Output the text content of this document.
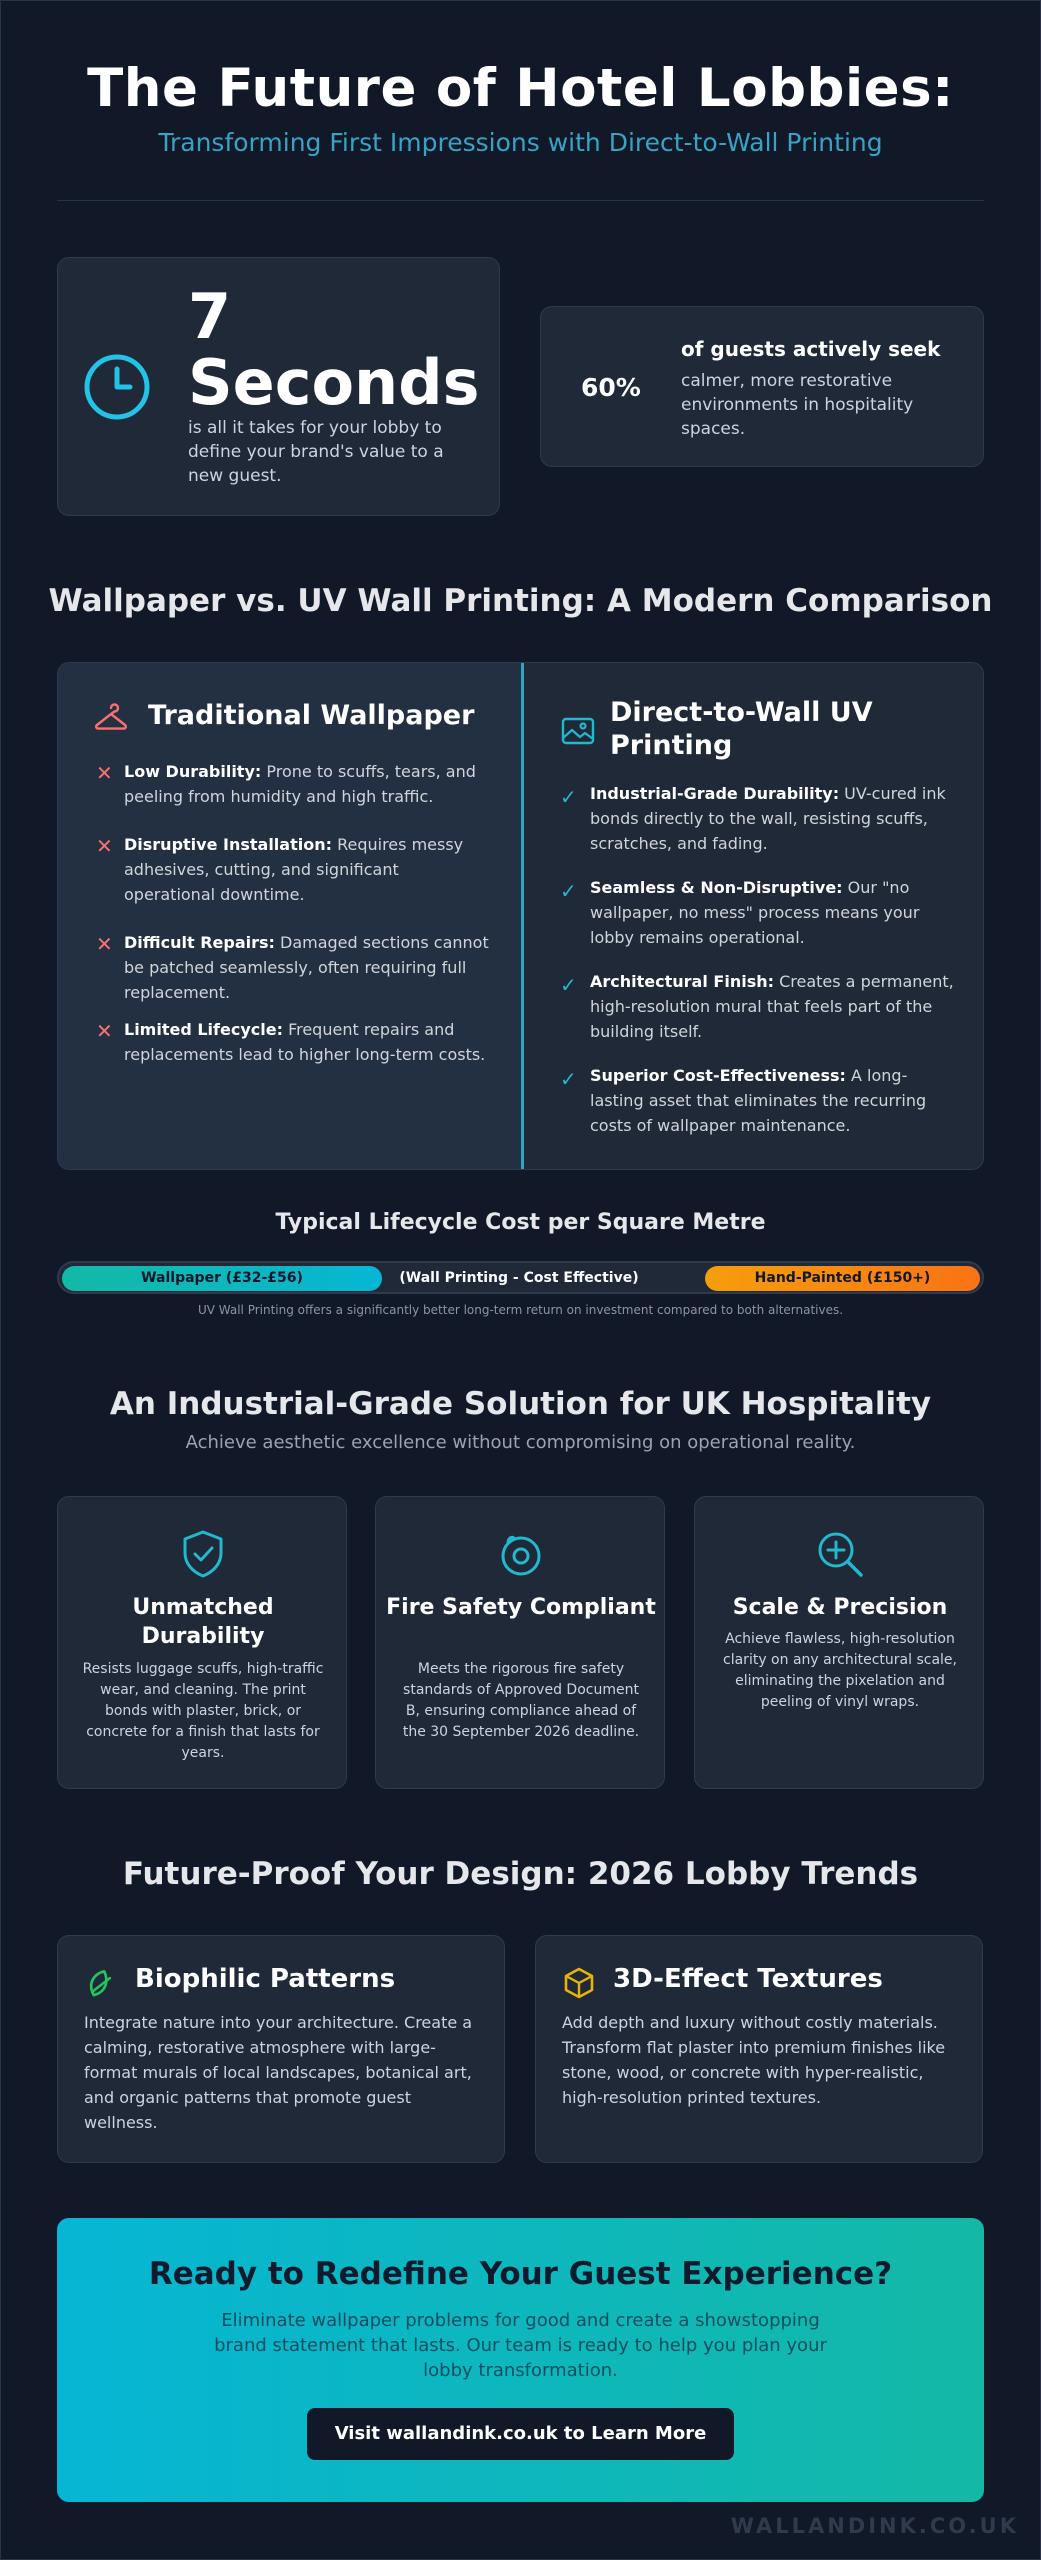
The Future of Hotel Lobbies:
Transforming First Impressions with Direct-to-Wall Printing
7
Seconds
is all it takes for your lobby to define your brand's value to a new guest.
60%
of guests actively seek
calmer, more restorative environments in hospitality spaces.
Wallpaper vs. UV Wall Printing: A Modern Comparison
Traditional Wallpaper
✕ Low Durability: Prone to scuffs, tears, and peeling from humidity and high traffic.
✕ Disruptive Installation: Requires messy adhesives, cutting, and significant operational downtime.
✕ Difficult Repairs: Damaged sections cannot be patched seamlessly, often requiring full replacement.
✕ Limited Lifecycle: Frequent repairs and replacements lead to higher long-term costs.
Direct-to-Wall UV Printing
✓ Industrial-Grade Durability: UV-cured ink bonds directly to the wall, resisting scuffs, scratches, and fading.
✓ Seamless & Non-Disruptive: Our "no wallpaper, no mess" process means your lobby remains operational.
✓ Architectural Finish: Creates a permanent, high-resolution mural that feels part of the building itself.
✓ Superior Cost-Effectiveness: A long-lasting asset that eliminates the recurring costs of wallpaper maintenance.
Typical Lifecycle Cost per Square Metre
Wallpaper (£32-£56)	(Wall Printing - Cost Effective)	Hand-Painted (£150+)
UV Wall Printing offers a significantly better long-term return on investment compared to both alternatives.
An Industrial-Grade Solution for UK Hospitality
Achieve aesthetic excellence without compromising on operational reality.
Unmatched Durability
Resists luggage scuffs, high-traffic wear, and cleaning. The print bonds with plaster, brick, or concrete for a finish that lasts for years.
Fire Safety Compliant
Meets the rigorous fire safety standards of Approved Document B, ensuring compliance ahead of the 30 September 2026 deadline.
Scale & Precision
Achieve flawless, high-resolution clarity on any architectural scale, eliminating the pixelation and peeling of vinyl wraps.
Future-Proof Your Design: 2026 Lobby Trends
Biophilic Patterns
Integrate nature into your architecture. Create a calming, restorative atmosphere with large-format murals of local landscapes, botanical art, and organic patterns that promote guest wellness.
3D-Effect Textures
Add depth and luxury without costly materials. Transform flat plaster into premium finishes like stone, wood, or concrete with hyper-realistic, high-resolution printed textures.
Ready to Redefine Your Guest Experience?
Eliminate wallpaper problems for good and create a showstopping brand statement that lasts. Our team is ready to help you plan your lobby transformation.
Visit wallandink.co.uk to Learn More
WALLANDINK.CO.UK
